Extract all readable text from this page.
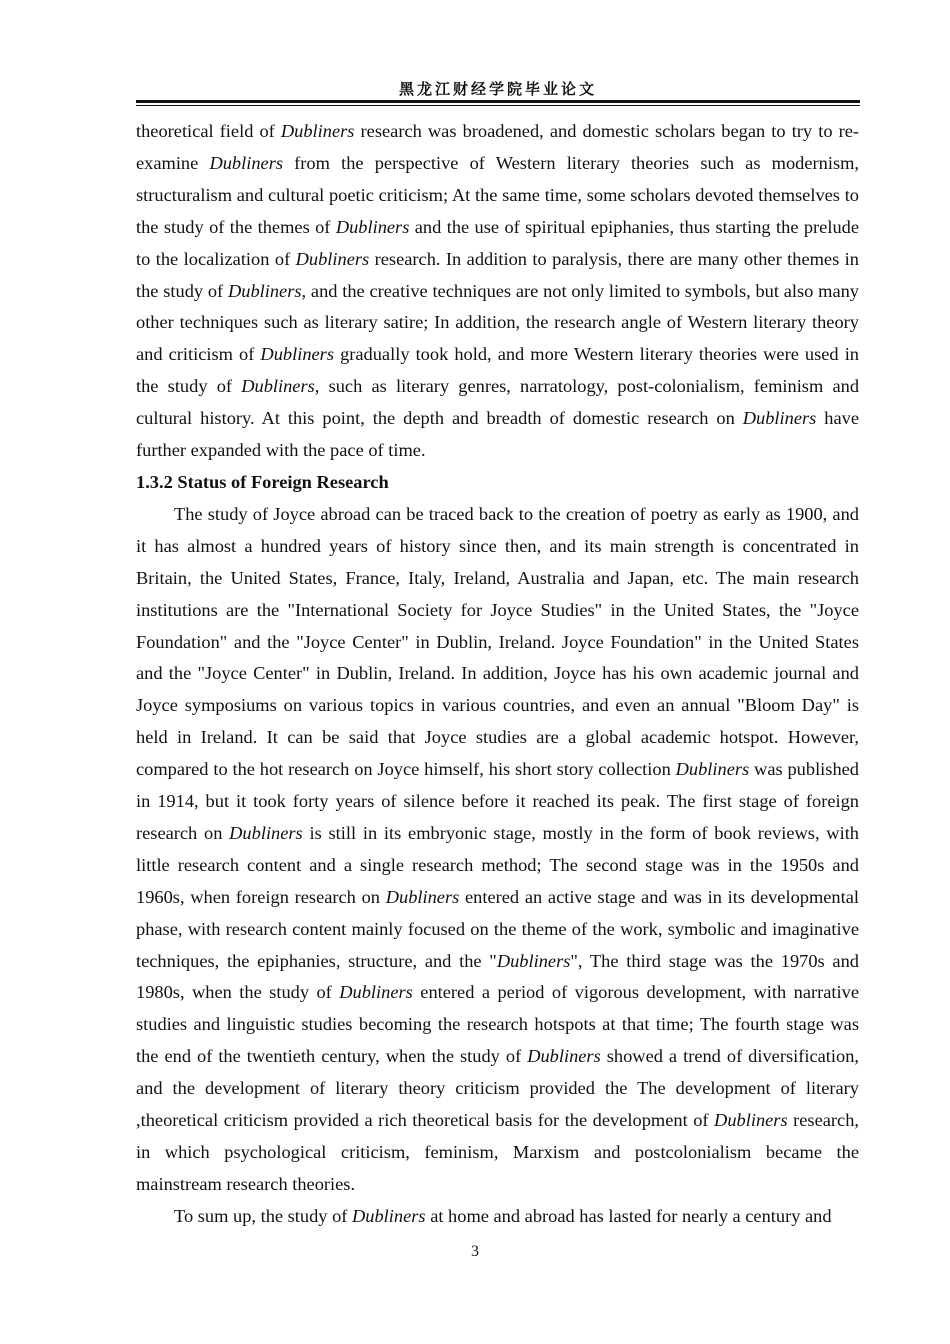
黑龙江财经学院毕业论文

theoretical field of Dubliners research was broadened, and domestic scholars began to try to re-examine Dubliners from the perspective of Western literary theories such as modernism, structuralism and cultural poetic criticism; At the same time, some scholars devoted themselves to the study of the themes of Dubliners and the use of spiritual epiphanies, thus starting the prelude to the localization of Dubliners research. In addition to paralysis, there are many other themes in the study of Dubliners, and the creative techniques are not only limited to symbols, but also many other techniques such as literary satire; In addition, the research angle of Western literary theory and criticism of Dubliners gradually took hold, and more Western literary theories were used in the study of Dubliners, such as literary genres, narratology, post-colonialism, feminism and cultural history. At this point, the depth and breadth of domestic research on Dubliners have further expanded with the pace of time.

1.3.2 Status of Foreign Research

The study of Joyce abroad can be traced back to the creation of poetry as early as 1900, and it has almost a hundred years of history since then, and its main strength is concentrated in Britain, the United States, France, Italy, Ireland, Australia and Japan, etc. The main research institutions are the "International Society for Joyce Studies" in the United States, the "Joyce Foundation" and the "Joyce Center" in Dublin, Ireland. Joyce Foundation" in the United States and the "Joyce Center" in Dublin, Ireland. In addition, Joyce has his own academic journal and Joyce symposiums on various topics in various countries, and even an annual "Bloom Day" is held in Ireland. It can be said that Joyce studies are a global academic hotspot. However, compared to the hot research on Joyce himself, his short story collection Dubliners was published in 1914, but it took forty years of silence before it reached its peak. The first stage of foreign research on Dubliners is still in its embryonic stage, mostly in the form of book reviews, with little research content and a single research method; The second stage was in the 1950s and 1960s, when foreign research on Dubliners entered an active stage and was in its developmental phase, with research content mainly focused on the theme of the work, symbolic and imaginative techniques, the epiphanies, structure, and the "Dubliners", The third stage was the 1970s and 1980s, when the study of Dubliners entered a period of vigorous development, with narrative studies and linguistic studies becoming the research hotspots at that time; The fourth stage was the end of the twentieth century, when the study of Dubliners showed a trend of diversification, and the development of literary theory criticism provided the The development of literary ,theoretical criticism provided a rich theoretical basis for the development of Dubliners research, in which psychological criticism, feminism, Marxism and postcolonialism became the mainstream research theories.

To sum up, the study of Dubliners at home and abroad has lasted for nearly a century and

3
